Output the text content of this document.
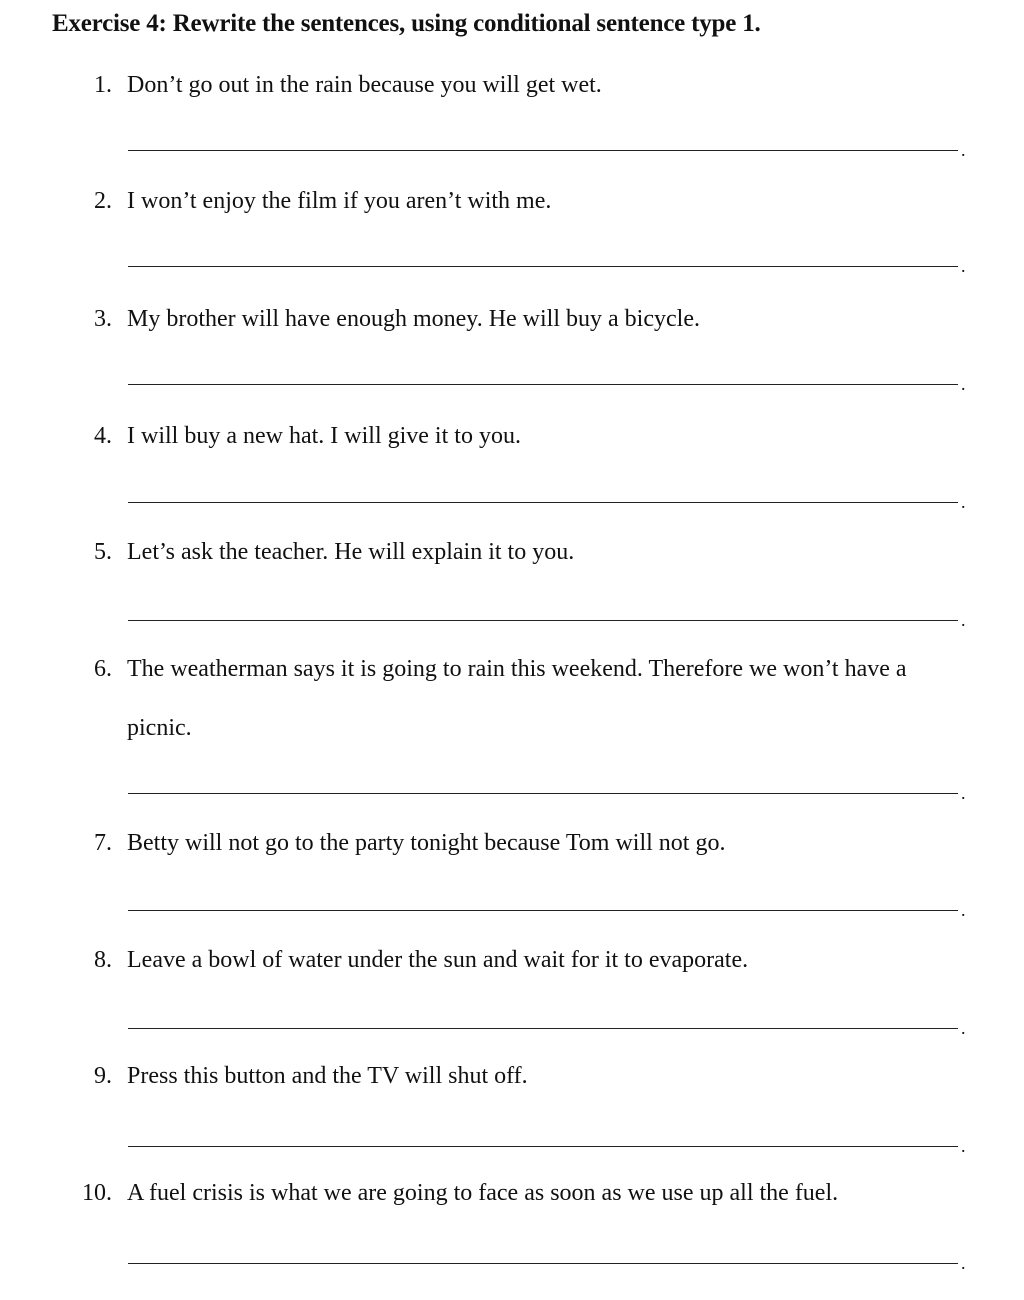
Exercise 4: Rewrite the sentences, using conditional sentence type 1.
1. Don’t go out in the rain because you will get wet.
.
2. I won’t enjoy the film if you aren’t with me.
.
3. My brother will have enough money. He will buy a bicycle.
.
4. I will buy a new hat. I will give it to you.
.
5. Let’s ask the teacher. He will explain it to you.
.
6. The weatherman says it is going to rain this weekend. Therefore we won’t have a
picnic.
.
7. Betty will not go to the party tonight because Tom will not go.
.
8. Leave a bowl of water under the sun and wait for it to evaporate.
.
9. Press this button and the TV will shut off.
.
10. A fuel crisis is what we are going to face as soon as we use up all the fuel.
.
